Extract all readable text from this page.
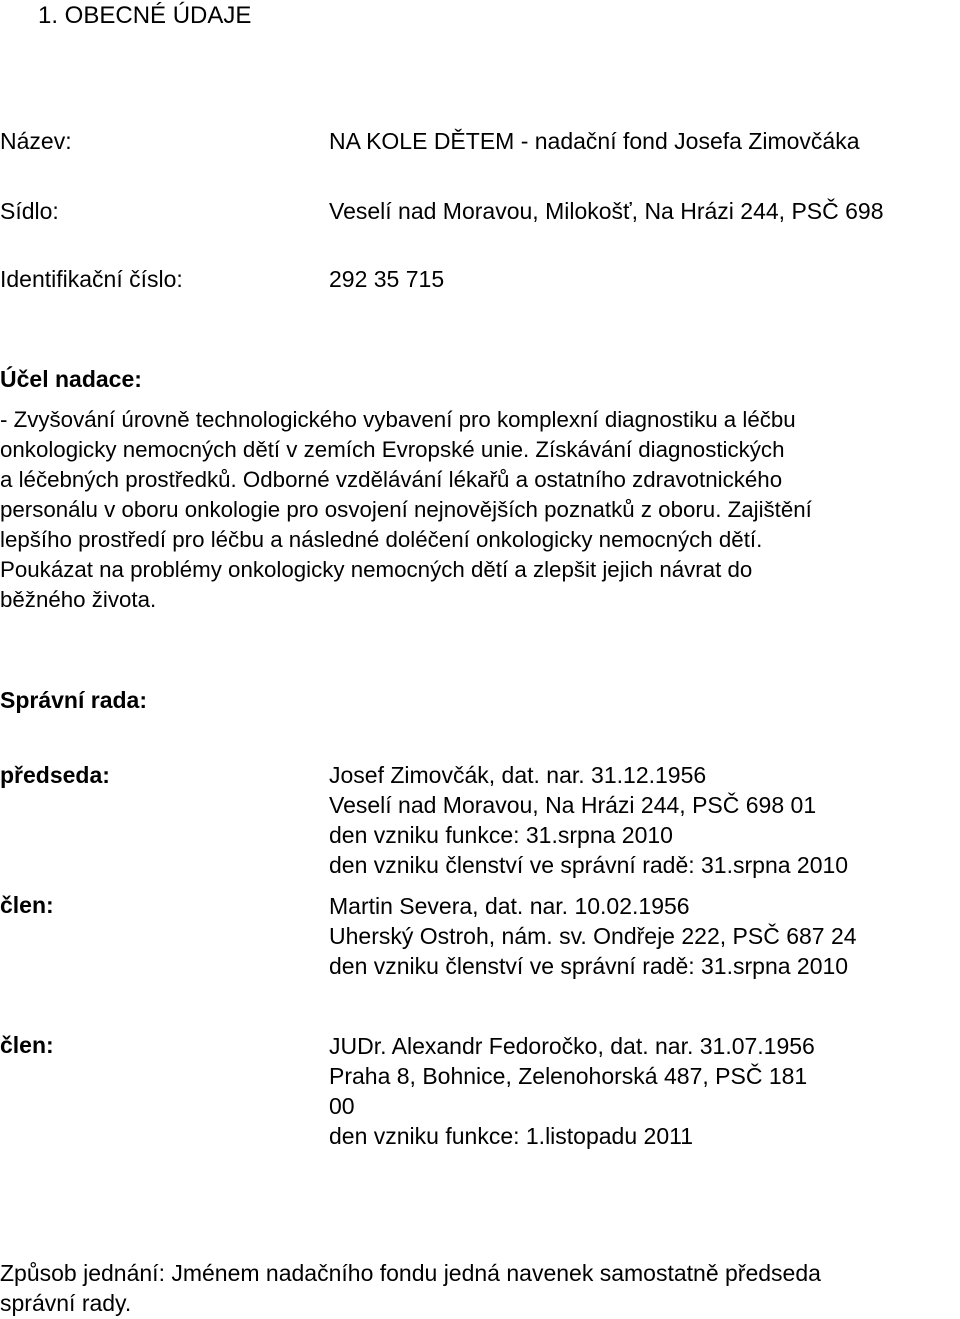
1. OBECNÉ ÚDAJE
Název:	NA KOLE DĚTEM - nadační fond Josefa Zimovčáka
Sídlo:	Veselí nad Moravou, Milokošť, Na Hrázi 244, PSČ 698
Identifikační číslo:	292 35 715
Účel nadace:
- Zvyšování úrovně technologického vybavení pro komplexní diagnostiku a léčbu
onkologicky nemocných dětí v zemích Evropské unie. Získávání diagnostických
a léčebných prostředků. Odborné vzdělávání lékařů a ostatního zdravotnického
personálu v oboru onkologie pro osvojení nejnovějších poznatků z oboru. Zajištění
lepšího prostředí pro léčbu a následné doléčení onkologicky nemocných dětí.
Poukázat na problémy onkologicky nemocných dětí a zlepšit jejich návrat do
běžného života.
Správní rada:
předseda:	Josef Zimovčák, dat. nar. 31.12.1956
Veselí nad Moravou, Na Hrázi 244, PSČ 698 01
den vzniku funkce: 31.srpna 2010
den vzniku členství ve správní radě: 31.srpna 2010
člen:	Martin Severa, dat. nar. 10.02.1956
Uherský Ostroh, nám. sv. Ondřeje 222, PSČ 687 24
den vzniku členství ve správní radě: 31.srpna 2010
člen:	JUDr. Alexandr Fedoročko, dat. nar. 31.07.1956
Praha 8, Bohnice, Zelenohorská 487, PSČ 181
00
den vzniku funkce: 1.listopadu 2011
Způsob jednání: Jménem nadačního fondu jedná navenek samostatně předseda
správní rady.
